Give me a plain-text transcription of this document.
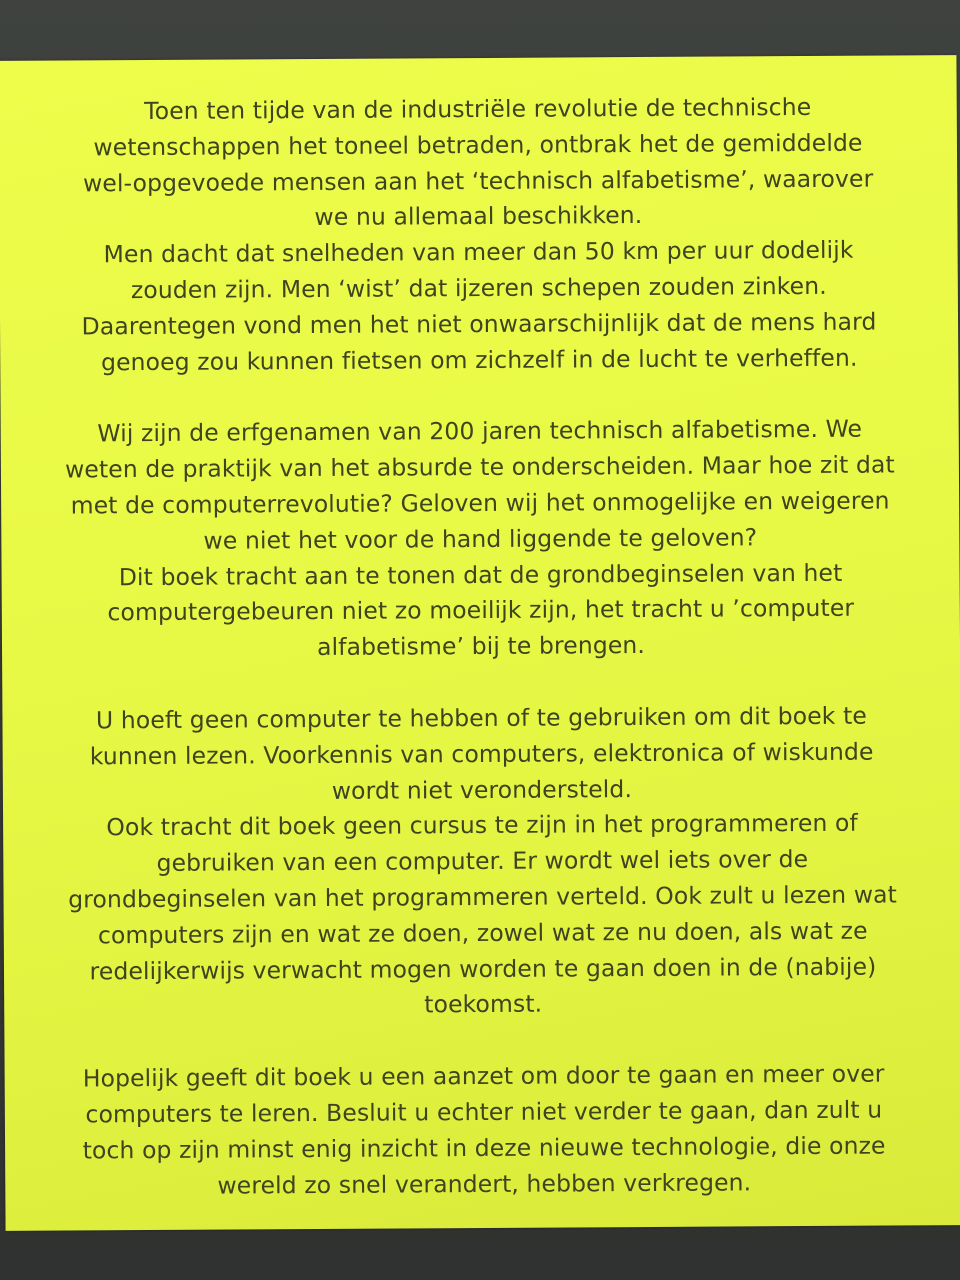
Toen ten tijde van de industriële revolutie de technische
wetenschappen het toneel betraden, ontbrak het de gemiddelde
wel-opgevoede mensen aan het ‘technisch alfabetisme’, waarover
we nu allemaal beschikken.
Men dacht dat snelheden van meer dan 50 km per uur dodelijk
zouden zijn. Men ‘wist’ dat ijzeren schepen zouden zinken.
Daarentegen vond men het niet onwaarschijnlijk dat de mens hard
genoeg zou kunnen fietsen om zichzelf in de lucht te verheffen.

Wij zijn de erfgenamen van 200 jaren technisch alfabetisme. We
weten de praktijk van het absurde te onderscheiden. Maar hoe zit dat
met de computerrevolutie? Geloven wij het onmogelijke en weigeren
we niet het voor de hand liggende te geloven?
Dit boek tracht aan te tonen dat de grondbeginselen van het
computergebeuren niet zo moeilijk zijn, het tracht u ’computer
alfabetisme’ bij te brengen.

U hoeft geen computer te hebben of te gebruiken om dit boek te
kunnen lezen. Voorkennis van computers, elektronica of wiskunde
wordt niet verondersteld.
Ook tracht dit boek geen cursus te zijn in het programmeren of
gebruiken van een computer. Er wordt wel iets over de
grondbeginselen van het programmeren verteld. Ook zult u lezen wat
computers zijn en wat ze doen, zowel wat ze nu doen, als wat ze
redelijkerwijs verwacht mogen worden te gaan doen in de (nabije)
toekomst.

Hopelijk geeft dit boek u een aanzet om door te gaan en meer over
computers te leren. Besluit u echter niet verder te gaan, dan zult u
toch op zijn minst enig inzicht in deze nieuwe technologie, die onze
wereld zo snel verandert, hebben verkregen.
